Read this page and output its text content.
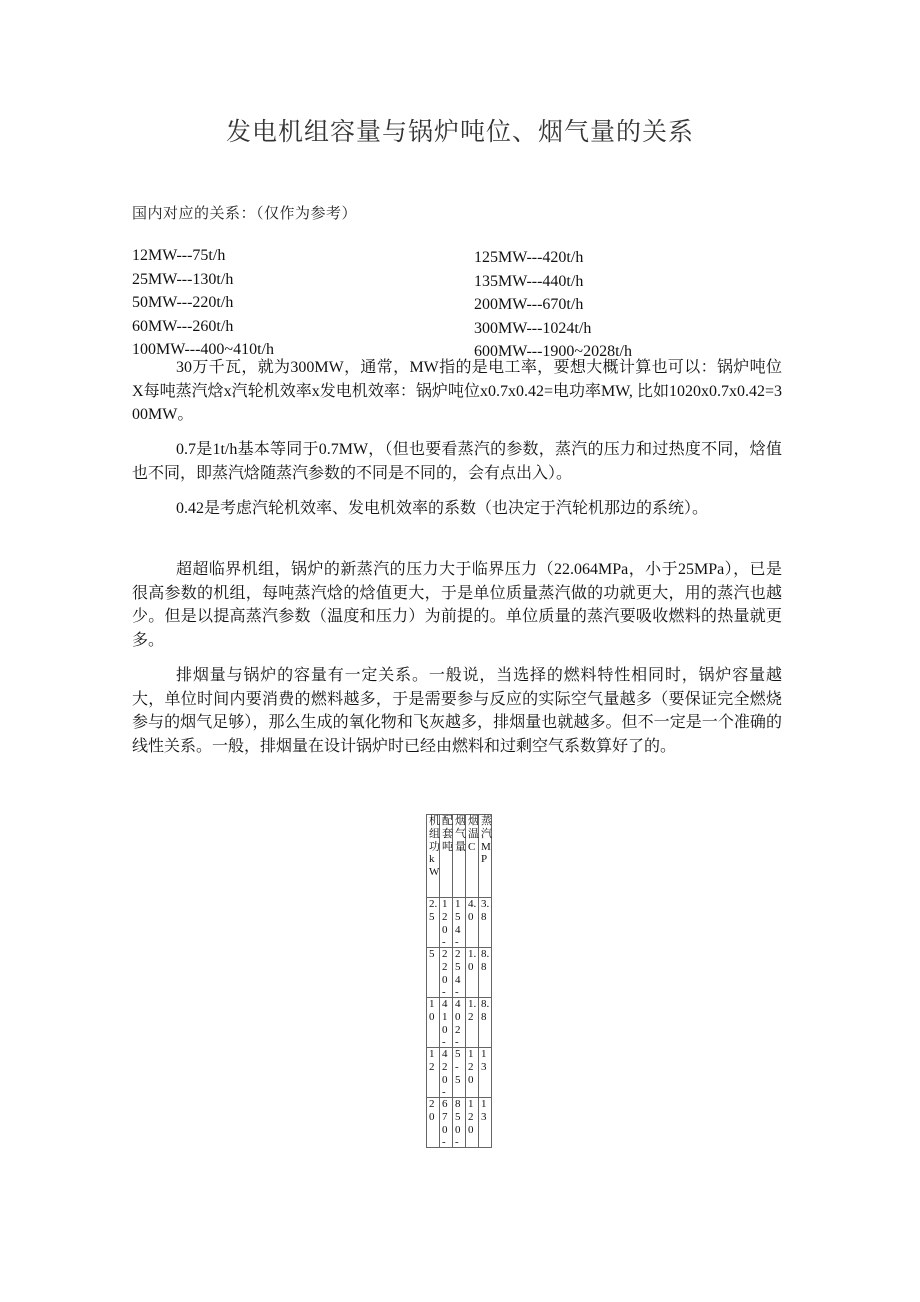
发电机组容量与锅炉吨位、烟气量的关系
国内对应的关系：（仅作为参考）
12MW---75t/h
25MW---130t/h
50MW---220t/h
60MW---260t/h
100MW---400~410t/h
125MW---420t/h
135MW---440t/h
200MW---670t/h
300MW---1024t/h
600MW---1900~2028t/h

30万千瓦，就为300MW，通常，MW指的是电工率，要想大概计算也可以：锅炉吨位X每吨蒸汽焓x汽轮机效率x发电机效率：锅炉吨位x0.7x0.42=电功率MW, 比如1020x0.7x0.42=300MW。

0.7是1t/h基本等同于0.7MW，（但也要看蒸汽的参数，蒸汽的压力和过热度不同，焓值也不同，即蒸汽焓随蒸汽参数的不同是不同的，会有点出入）。

0.42是考虑汽轮机效率、发电机效率的系数（也决定于汽轮机那边的系统）。

超超临界机组，锅炉的新蒸汽的压力大于临界压力（22.064MPa，小于25MPa），已是很高参数的机组，每吨蒸汽焓的焓值更大，于是单位质量蒸汽做的功就更大，用的蒸汽也越少。但是以提高蒸汽参数（温度和压力）为前提的。单位质量的蒸汽要吸收燃料的热量就更多。

排烟量与锅炉的容量有一定关系。一般说，当选择的燃料特性相同时，锅炉容量越大，单位时间内要消费的燃料越多，于是需要参与反应的实际空气量越多（要保证完全燃烧参与的烟气足够），那么生成的氧化物和飞灰越多，排烟量也就越多。但不一定是一个准确的线性关系。一般，排烟量在设计锅炉时已经由燃料和过剩空气系数算好了的。

机组功kW	配套吨	烟气量	烟温C	蒸汽MP

2.5	120-	154-	4.0	3.8

5	220-	254-	1.0	8.8

10	410-	402-	1.2	8.8

12	420-	5-5	120	13

20	670-	850-	120	13
